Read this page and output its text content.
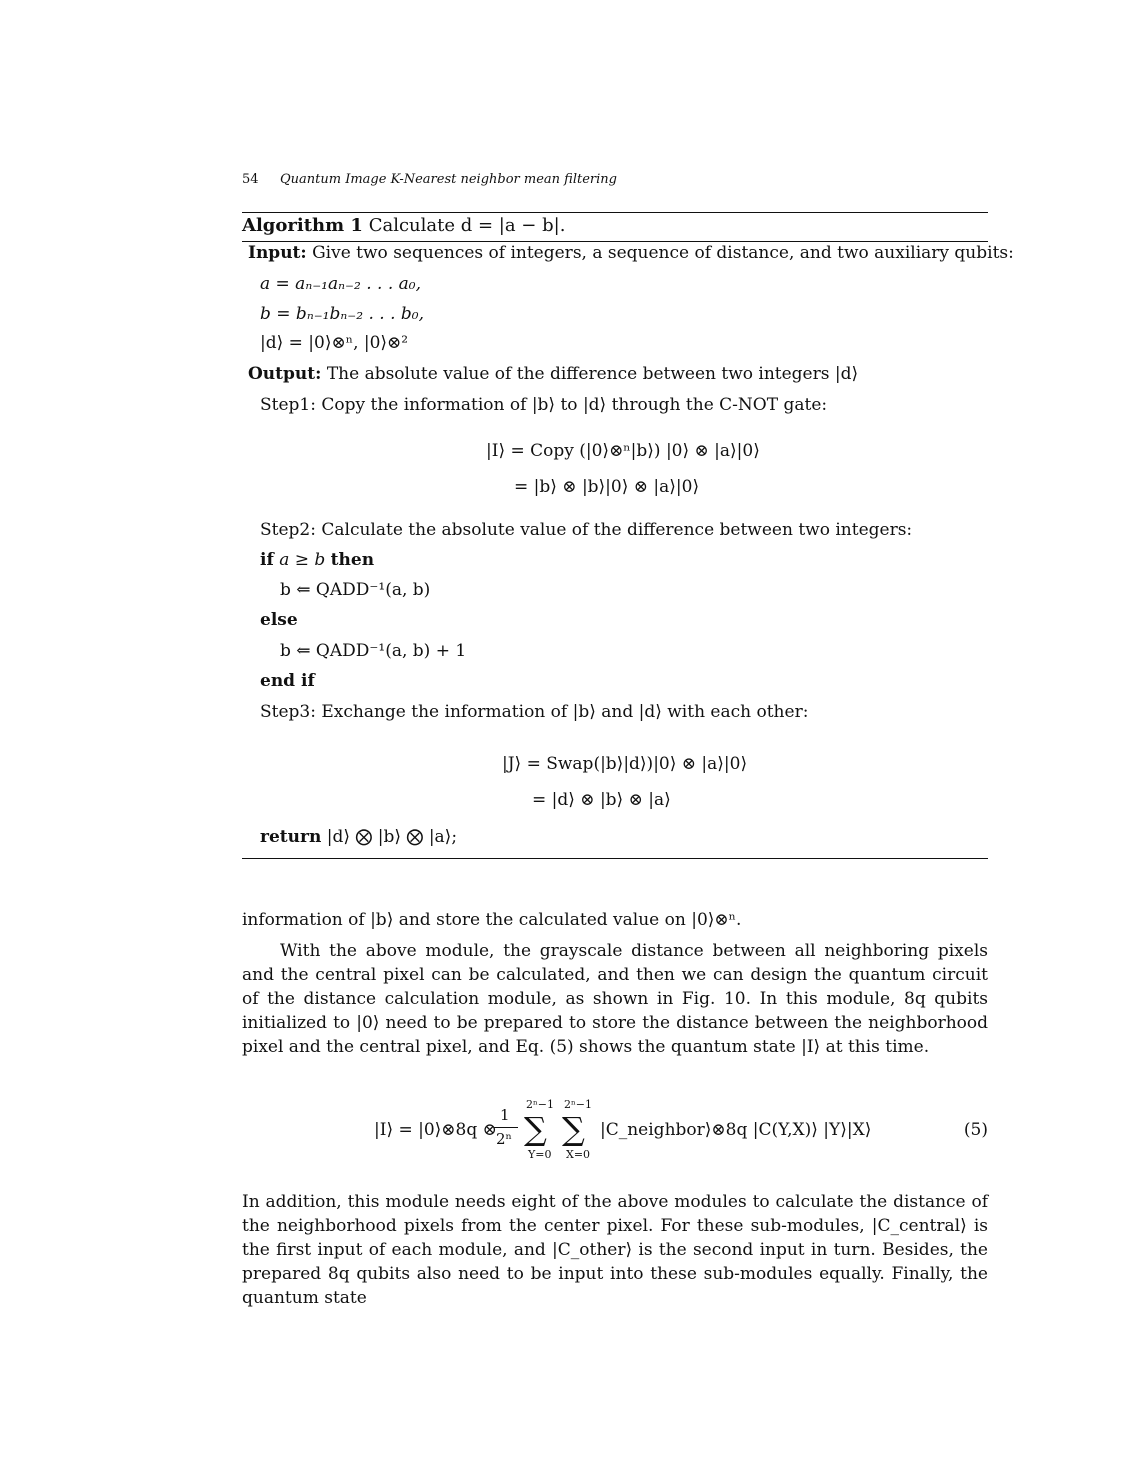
54 Quantum Image K-Nearest neighbor mean filtering
Algorithm 1 Calculate d = |a − b|.
Input: Give two sequences of integers, a sequence of distance, and two auxiliary qubits:
a = aₙ₋₁aₙ₋₂ . . . a₀,
b = bₙ₋₁bₙ₋₂ . . . b₀,
|d⟩ = |0⟩⊗ⁿ, |0⟩⊗²
Output: The absolute value of the difference between two integers |d⟩
Step1: Copy the information of |b⟩ to |d⟩ through the C-NOT gate:
|I⟩ = Copy (|0⟩⊗ⁿ|b⟩) |0⟩ ⊗ |a⟩|0⟩
= |b⟩ ⊗ |b⟩|0⟩ ⊗ |a⟩|0⟩
Step2: Calculate the absolute value of the difference between two integers:
if a ≥ b then
b ⇐ QADD⁻¹(a, b)
else
b ⇐ QADD⁻¹(a, b) + 1
end if
Step3: Exchange the information of |b⟩ and |d⟩ with each other:
|J⟩ = Swap(|b⟩|d⟩)|0⟩ ⊗ |a⟩|0⟩
= |d⟩ ⊗ |b⟩ ⊗ |a⟩
return |d⟩ ⨂ |b⟩ ⨂ |a⟩;

information of |b⟩ and store the calculated value on |0⟩⊗ⁿ.

With the above module, the grayscale distance between all neighboring pixels and the central pixel can be calculated, and then we can design the quantum circuit of the distance calculation module, as shown in Fig. 10. In this module, 8q qubits initialized to |0⟩ need to be prepared to store the distance between the neighborhood pixel and the central pixel, and Eq. (5) shows the quantum state |I⟩ at this time.

|I⟩ = |0⟩⊗8q ⊗
1
2ⁿ
2ⁿ−1
∑
Y=0
2ⁿ−1
∑
X=0
|C_neighbor⟩⊗8q |C(Y,X)⟩ |Y⟩|X⟩	(5)

In addition, this module needs eight of the above modules to calculate the distance of the neighborhood pixels from the center pixel. For these sub-modules, |C_central⟩ is the first input of each module, and |C_other⟩ is the second input in turn. Besides, the prepared 8q qubits also need to be input into these sub-modules equally. Finally, the quantum state
